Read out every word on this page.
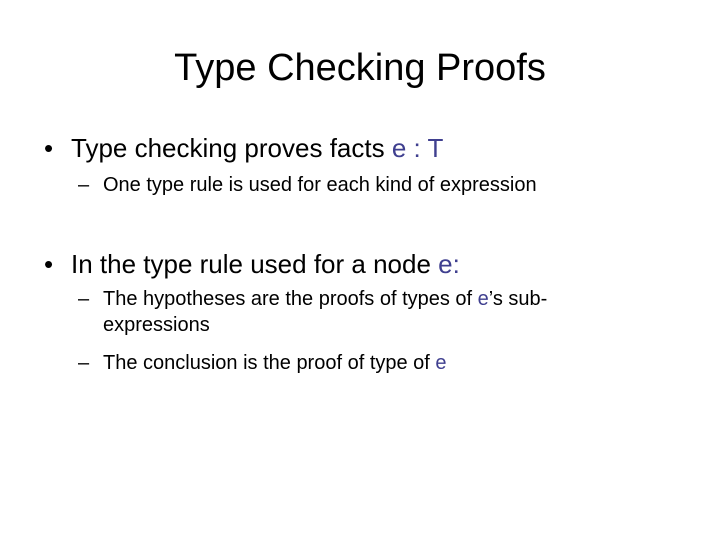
Type Checking Proofs
• Type checking proves facts e : T
– One type rule is used for each kind of expression
• In the type rule used for a node e:
– The hypotheses are the proofs of types of e’s sub-expressions
– The conclusion is the proof of type of e
